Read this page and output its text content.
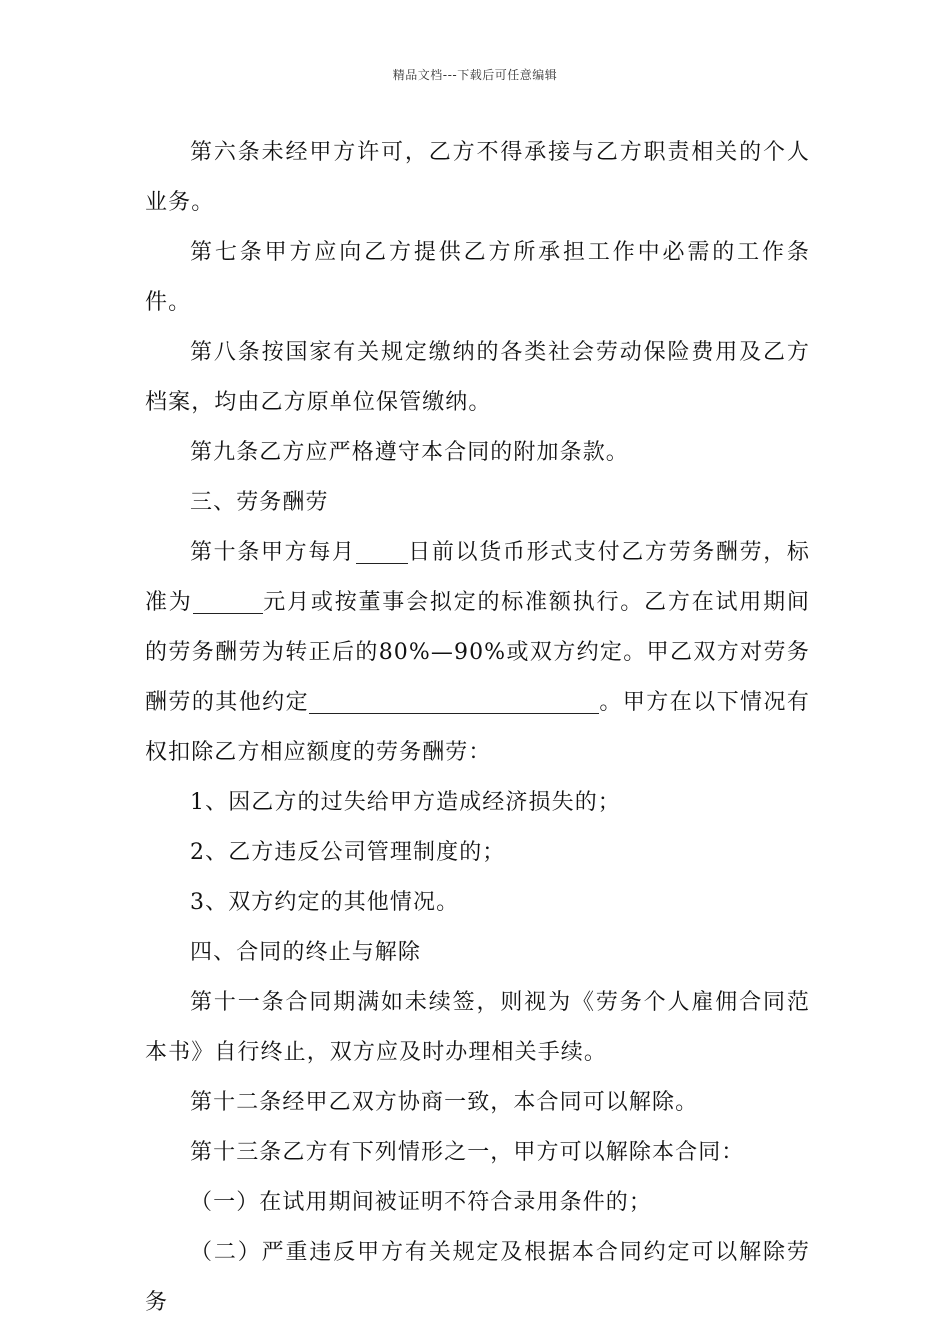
精品文档---下载后可任意编辑

第六条未经甲方许可，乙方不得承接与乙方职责相关的个人业务。

第七条甲方应向乙方提供乙方所承担工作中必需的工作条件。

第八条按国家有关规定缴纳的各类社会劳动保险费用及乙方档案，均由乙方原单位保管缴纳。

第九条乙方应严格遵守本合同的附加条款。

三、劳务酬劳

第十条甲方每月 日前以货币形式支付乙方劳务酬劳，标准为	元月或按董事会拟定的标准额执行。乙方在试用期间的劳务酬劳为转正后的80%—90%或双方约定。甲乙双方对劳务酬劳的其他约定	。甲方在以下情况有权扣除乙方相应额度的劳务酬劳：

1、因乙方的过失给甲方造成经济损失的；

2、乙方违反公司管理制度的；

3、双方约定的其他情况。

四、合同的终止与解除

第十一条合同期满如未续签，则视为《劳务个人雇佣合同范本书》自行终止，双方应及时办理相关手续。

第十二条经甲乙双方协商一致，本合同可以解除。

第十三条乙方有下列情形之一，甲方可以解除本合同：

（一）在试用期间被证明不符合录用条件的；

（二）严重违反甲方有关规定及根据本合同约定可以解除劳务
